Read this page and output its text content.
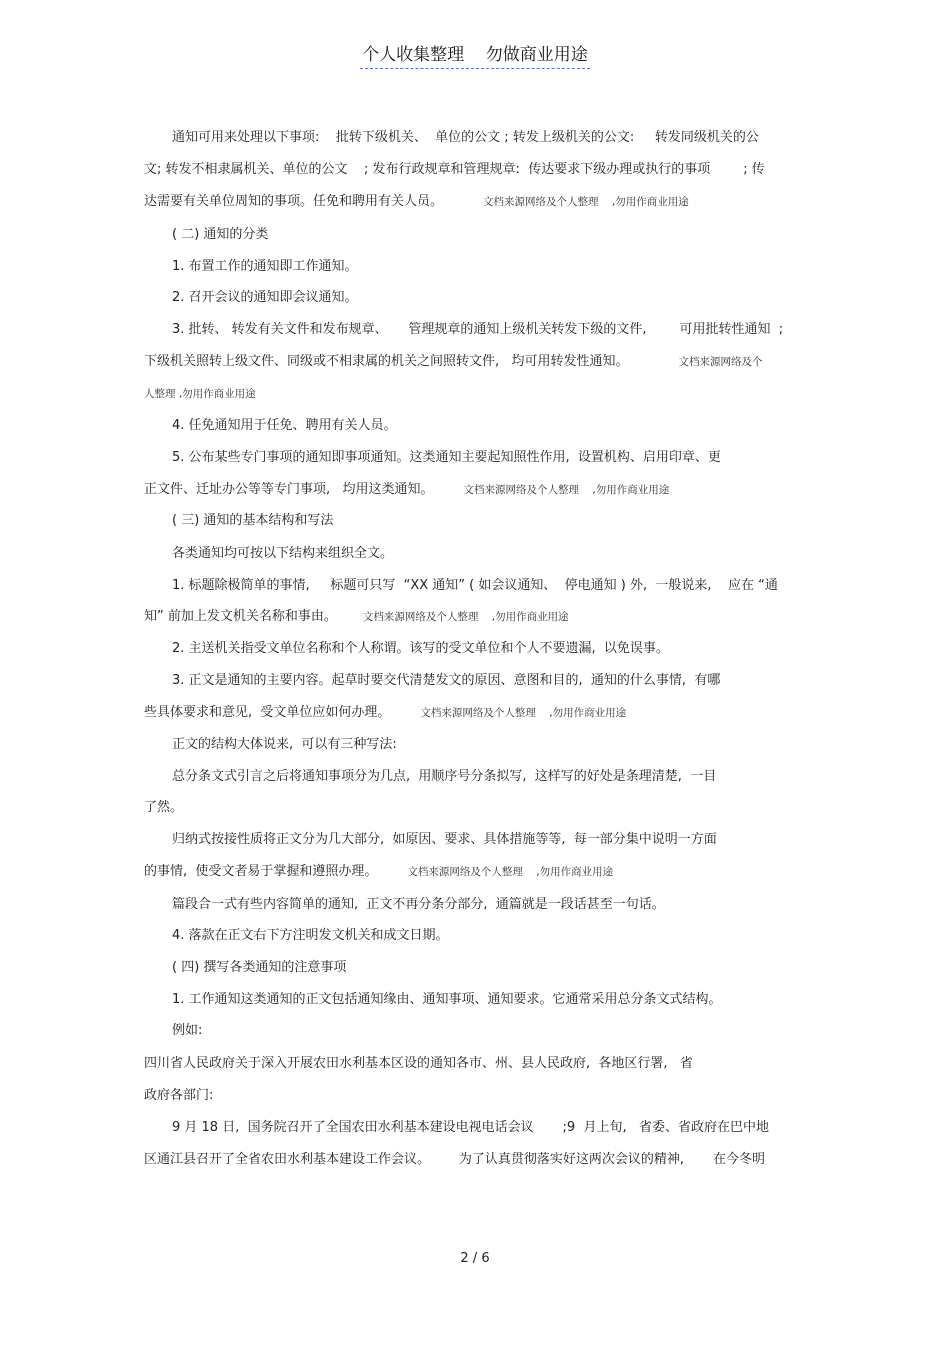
个人收集整理    勿做商业用途
通知可用来处理以下事项:    批转下级机关、  单位的公文 ; 转发上级机关的公文:     转发同级机关的公
文; 转发不相隶属机关、单位的公文    ; 发布行政规章和管理规章:  传达要求下级办理或执行的事项        ; 传
达需要有关单位周知的事项。任免和聘用有关人员。	文档来源网络及个人整理    ,勿用作商业用途
( 二) 通知的分类
1. 布置工作的通知即工作通知。
2. 召开会议的通知即会议通知。
3. 批转、 转发有关文件和发布规章、     管理规章的通知上级机关转发下级的文件,        可用批转性通知  ;
下级机关照转上级文件、同级或不相隶属的机关之间照转文件,   均可用转发性通知。	文档来源网络及个
人整理 ,勿用作商业用途
4. 任免通知用于任免、聘用有关人员。
5. 公布某些专门事项的通知即事项通知。这类通知主要起知照性作用,  设置机构、启用印章、更
正文件、迁址办公等等专门事项,   均用这类通知。	文档来源网络及个人整理    ,勿用作商业用途
( 三) 通知的基本结构和写法
各类通知均可按以下结构来组织全文。
1. 标题除极简单的事情,     标题可只写  “XX 通知” ( 如会议通知、  停电通知 ) 外,  一般说来,    应在 “通
知” 前加上发文机关名称和事由。 文档来源网络及个人整理    ,勿用作商业用途
2. 主送机关指受文单位名称和个人称谓。该写的受文单位和个人不要遗漏,  以免误事。
3. 正文是通知的主要内容。起草时要交代清楚发文的原因、意图和目的,  通知的什么事情,  有哪
些具体要求和意见,  受文单位应如何办理。	文档来源网络及个人整理    ,勿用作商业用途
正文的结构大体说来,  可以有三种写法:
总分条文式引言之后将通知事项分为几点,  用顺序号分条拟写,  这样写的好处是条理清楚,  一目
了然。
归纳式按接性质将正文分为几大部分,  如原因、要求、具体措施等等,  每一部分集中说明一方面
的事情,  使受文者易于掌握和遵照办理。	文档来源网络及个人整理    ,勿用作商业用途
篇段合一式有些内容简单的通知,  正文不再分条分部分,  通篇就是一段话甚至一句话。
4. 落款在正文右下方注明发文机关和成文日期。
( 四) 撰写各类通知的注意事项
1. 工作通知这类通知的正文包括通知缘由、通知事项、通知要求。它通常采用总分条文式结构。
例如:
四川省人民政府关于深入开展农田水利基本区设的通知各市、州、县人民政府,  各地区行署,   省
政府各部门:
9 月 18 日,  国务院召开了全国农田水利基本建设电视电话会议       ;9  月上旬,   省委、省政府在巴中地
区通江县召开了全省农田水利基本建设工作会议。       为了认真贯彻落实好这两次会议的精神,       在今冬明
2 / 6
